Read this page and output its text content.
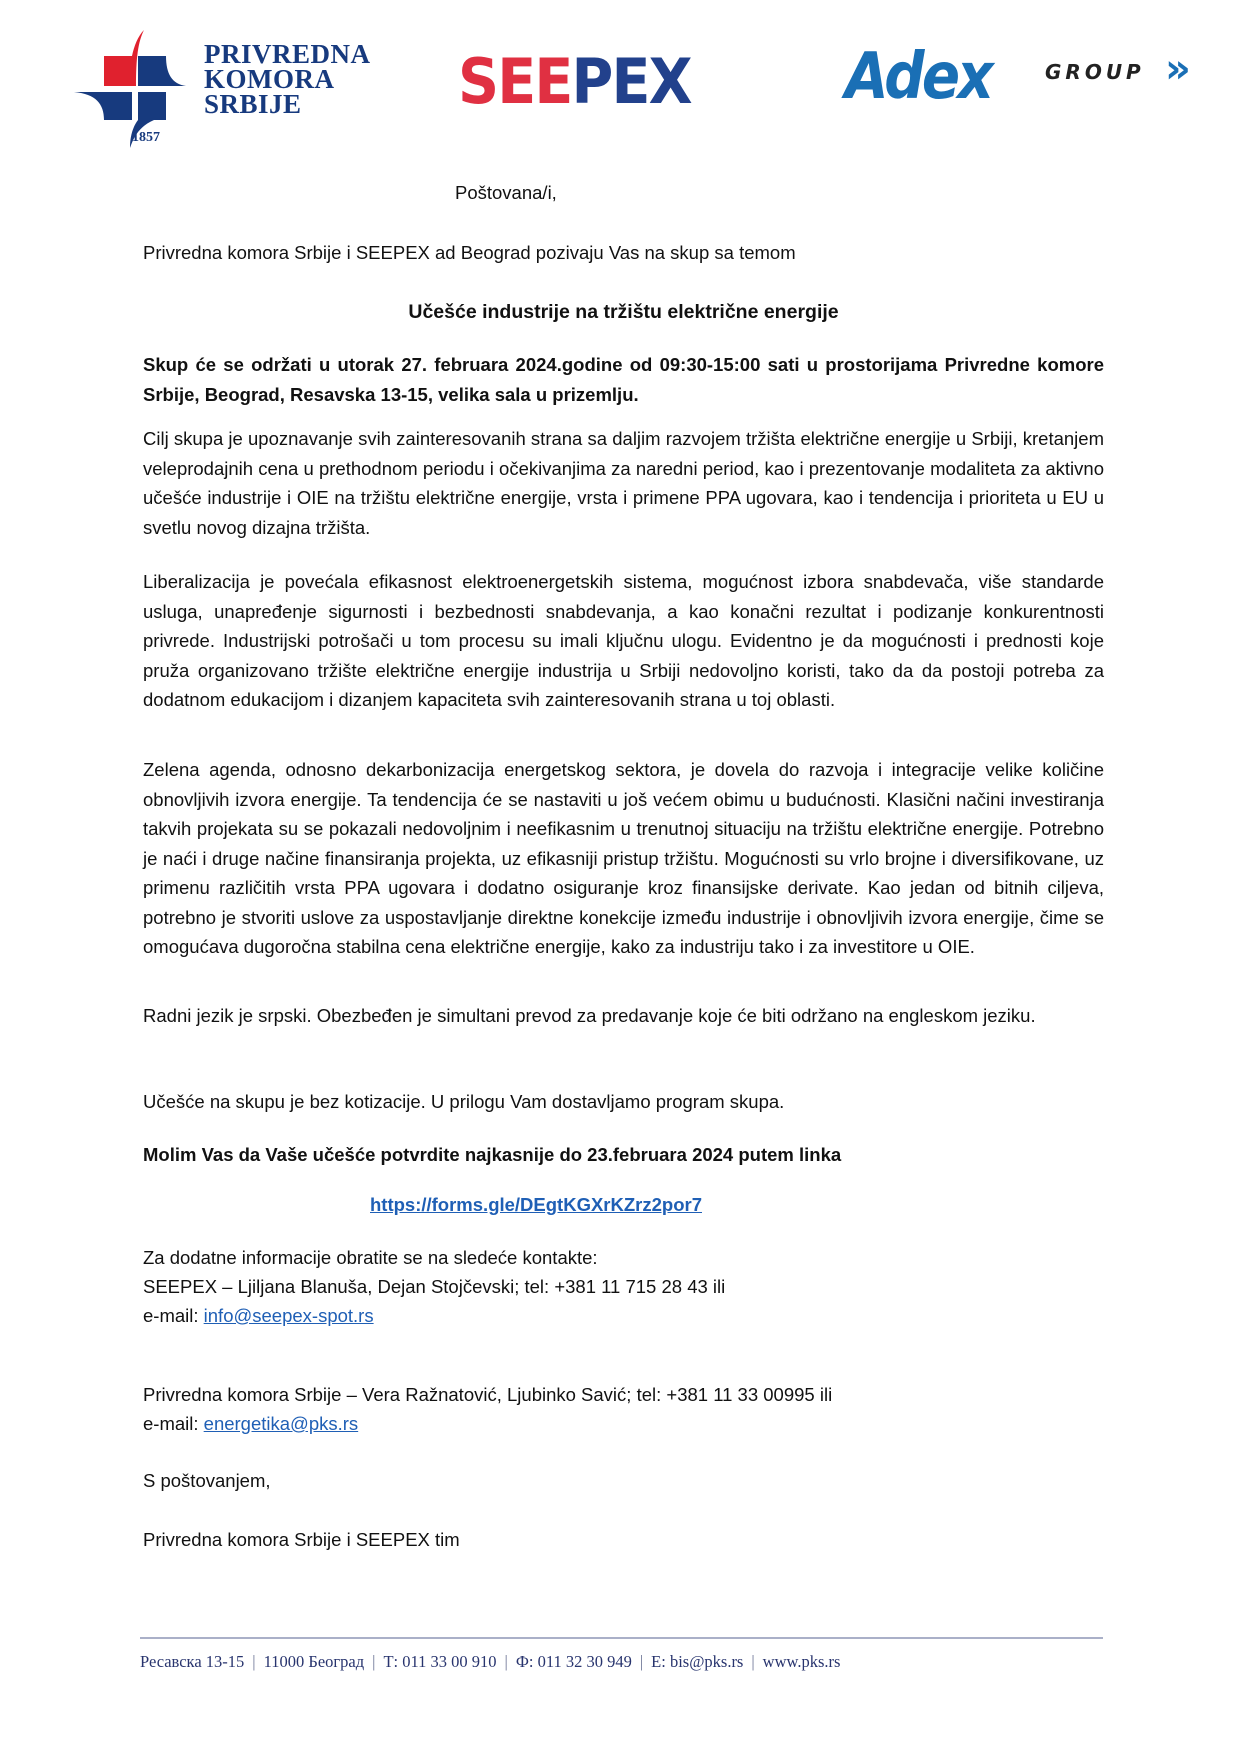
1857
PRIVREDNA
KOMORA
SRBIJE	SEEPEX	Adex	GROUP »
Poštovana/i,
Privredna komora Srbije i SEEPEX ad Beograd pozivaju Vas na skup sa temom
Učešće industrije na tržištu električne energije
Skup će se održati u utorak 27. februara 2024.godine od 09:30-15:00 sati u prostorijama Privredne komore Srbije, Beograd, Resavska 13-15, velika sala u prizemlju.
Cilj skupa je upoznavanje svih zainteresovanih strana sa daljim razvojem tržišta električne energije u Srbiji, kretanjem veleprodajnih cena u prethodnom periodu i očekivanjima za naredni period, kao i prezentovanje modaliteta za aktivno učešće industrije i OIE na tržištu električne energije, vrsta i primene PPA ugovara, kao i tendencija i prioriteta u EU u svetlu novog dizajna tržišta.
Liberalizacija je povećala efikasnost elektroenergetskih sistema, mogućnost izbora snabdevača, više standarde usluga, unapređenje sigurnosti i bezbednosti snabdevanja, a kao konačni rezultat i podizanje konkurentnosti privrede. Industrijski potrošači u tom procesu su imali ključnu ulogu. Evidentno je da mogućnosti i prednosti koje pruža organizovano tržište električne energije industrija u Srbiji nedovoljno koristi, tako da da postoji potreba za dodatnom edukacijom i dizanjem kapaciteta svih zainteresovanih strana u toj oblasti.
Zelena agenda, odnosno dekarbonizacija energetskog sektora, je dovela do razvoja i integracije velike količine obnovljivih izvora energije. Ta tendencija će se nastaviti u još većem obimu u budućnosti. Klasični načini investiranja takvih projekata su se pokazali nedovoljnim i neefikasnim u trenutnoj situaciju na tržištu električne energije. Potrebno je naći i druge načine finansiranja projekta, uz efikasniji pristup tržištu. Mogućnosti su vrlo brojne i diversifikovane, uz primenu različitih vrsta PPA ugovara i dodatno osiguranje kroz finansijske derivate. Kao jedan od bitnih ciljeva, potrebno je stvoriti uslove za uspostavljanje direktne konekcije između industrije i obnovljivih izvora energije, čime se omogućava dugoročna stabilna cena električne energije, kako za industriju tako i za investitore u OIE.
Radni jezik je srpski. Obezbeđen je simultani prevod za predavanje koje će biti održano na engleskom jeziku.
Učešće na skupu je bez kotizacije. U prilogu Vam dostavljamo program skupa.
Molim Vas da Vaše učešće potvrdite najkasnije do 23.februara 2024 putem linka
https://forms.gle/DEgtKGXrKZrz2por7
Za dodatne informacije obratite se na sledeće kontakte:
SEEPEX – Ljiljana Blanuša, Dejan Stojčevski; tel: +381 11 715 28 43 ili
e-mail: info@seepex-spot.rs
Privredna komora Srbije – Vera Ražnatović, Ljubinko Savić; tel: +381 11 33 00995 ili
e-mail: energetika@pks.rs
S poštovanjem,
Privredna komora Srbije i SEEPEX tim
Ресавска 13-15 | 11000 Београд | Т: 011 33 00 910 | Ф: 011 32 30 949 | E: bis@pks.rs | www.pks.rs
